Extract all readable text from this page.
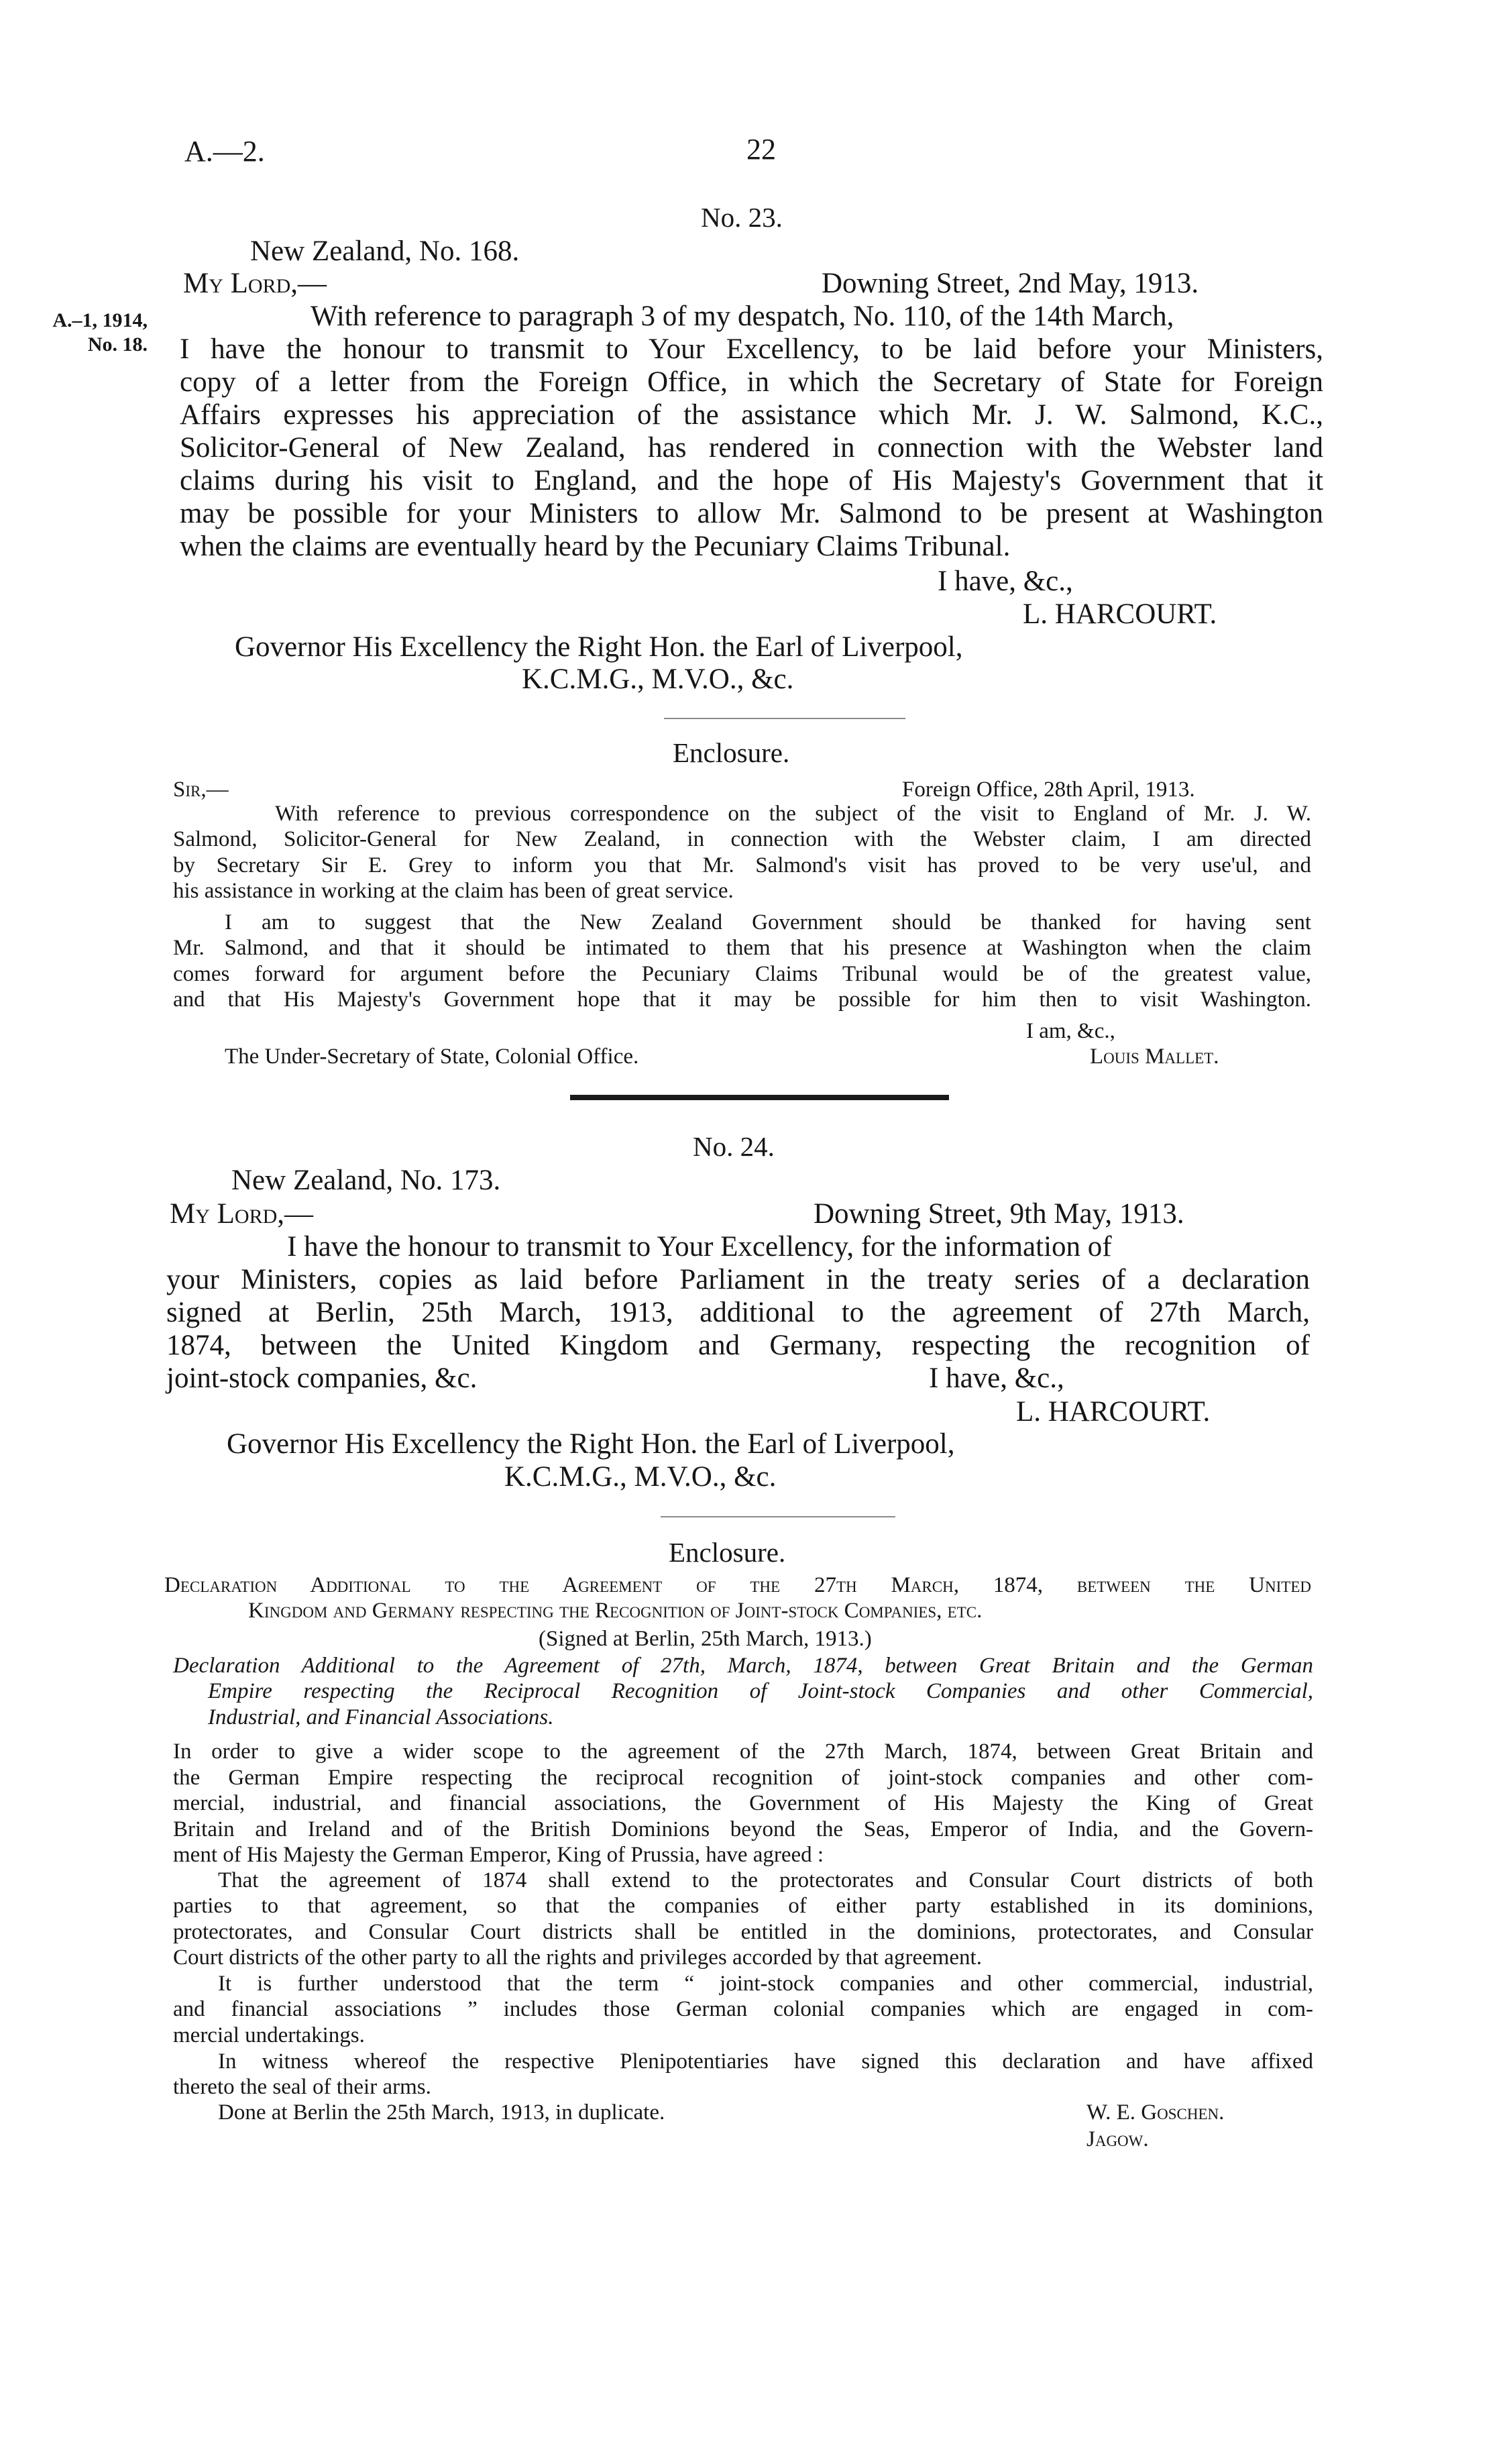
A.—2.	22
No. 23.
New Zealand, No. 168.
My Lord,—	Downing Street, 2nd May, 1913.
A.–1, 1914,
No. 18.
With reference to paragraph 3 of my despatch, No. 110, of the 14th March,
I have the honour to transmit to Your Excellency, to be laid before your Ministers,
copy of a letter from the Foreign Office, in which the Secretary of State for Foreign
Affairs expresses his appreciation of the assistance which Mr. J. W. Salmond, K.C.,
Solicitor-General of New Zealand, has rendered in connection with the Webster land
claims during his visit to England, and the hope of His Majesty's Government that it
may be possible for your Ministers to allow Mr. Salmond to be present at Washington
when the claims are eventually heard by the Pecuniary Claims Tribunal.
I have, &c.,
L. HARCOURT.
Governor His Excellency the Right Hon. the Earl of Liverpool,
K.C.M.G., M.V.O., &c.
Enclosure.
Sir,—	Foreign Office, 28th April, 1913.
With reference to previous correspondence on the subject of the visit to England of Mr. J. W.
Salmond, Solicitor-General for New Zealand, in connection with the Webster claim, I am directed
by Secretary Sir E. Grey to inform you that Mr. Salmond's visit has proved to be very use'ul, and
his assistance in working at the claim has been of great service.
I am to suggest that the New Zealand Government should be thanked for having sent
Mr. Salmond, and that it should be intimated to them that his presence at Washington when the claim
comes forward for argument before the Pecuniary Claims Tribunal would be of the greatest value,
and that His Majesty's Government hope that it may be possible for him then to visit Washington.
I am, &c.,
The Under-Secretary of State, Colonial Office.	Louis Mallet.
No. 24.
New Zealand, No. 173.
My Lord,—	Downing Street, 9th May, 1913.
I have the honour to transmit to Your Excellency, for the information of
your Ministers, copies as laid before Parliament in the treaty series of a declaration
signed at Berlin, 25th March, 1913, additional to the agreement of 27th March,
1874, between the United Kingdom and Germany, respecting the recognition of
joint-stock companies, &c.	I have, &c.,
L. HARCOURT.
Governor His Excellency the Right Hon. the Earl of Liverpool,
K.C.M.G., M.V.O., &c.
Enclosure.
Declaration Additional to the Agreement of the 27th March, 1874, between the United
Kingdom and Germany respecting the Recognition of Joint-stock Companies, etc.
(Signed at Berlin, 25th March, 1913.)
Declaration Additional to the Agreement of 27th, March, 1874, between Great Britain and the German
Empire respecting the Reciprocal Recognition of Joint-stock Companies and other Commercial,
Industrial, and Financial Associations.
In order to give a wider scope to the agreement of the 27th March, 1874, between Great Britain and
the German Empire respecting the reciprocal recognition of joint-stock companies and other com-
mercial, industrial, and financial associations, the Government of His Majesty the King of Great
Britain and Ireland and of the British Dominions beyond the Seas, Emperor of India, and the Govern-
ment of His Majesty the German Emperor, King of Prussia, have agreed :
That the agreement of 1874 shall extend to the protectorates and Consular Court districts of both
parties to that agreement, so that the companies of either party established in its dominions,
protectorates, and Consular Court districts shall be entitled in the dominions, protectorates, and Consular
Court districts of the other party to all the rights and privileges accorded by that agreement.
It is further understood that the term “ joint-stock companies and other commercial, industrial,
and financial associations ” includes those German colonial companies which are engaged in com-
mercial undertakings.
In witness whereof the respective Plenipotentiaries have signed this declaration and have affixed
thereto the seal of their arms.
Done at Berlin the 25th March, 1913, in duplicate.	W. E. Goschen.
Jagow.
